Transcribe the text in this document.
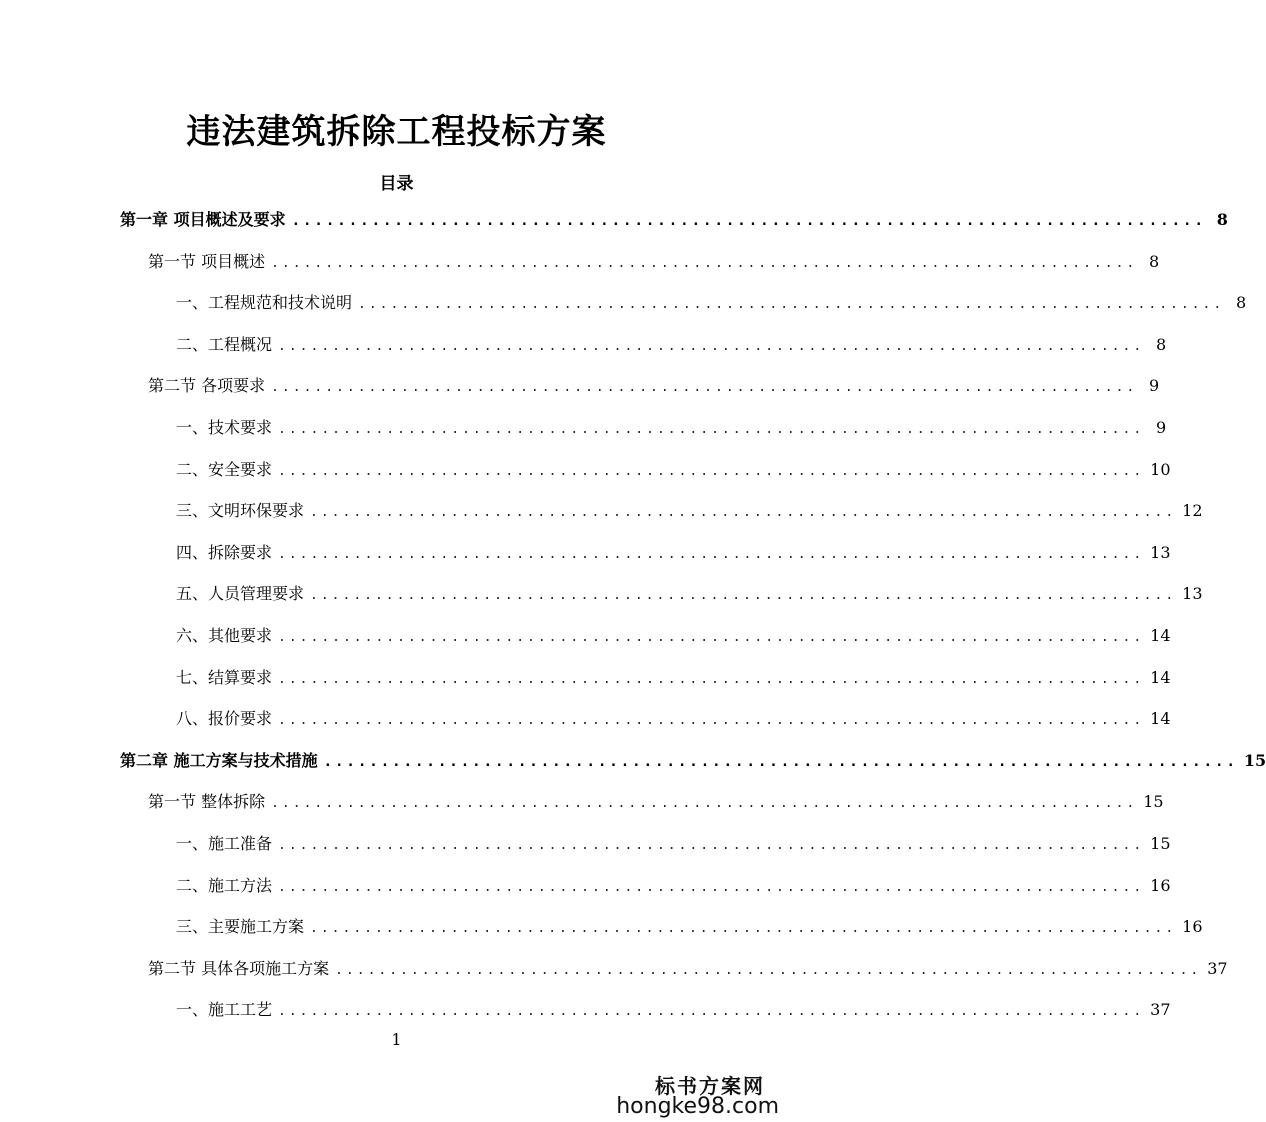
违法建筑拆除工程投标方案
目录
第一章 项目概述及要求 ................................................................................ 8
第一节 项目概述 ................................................................................ 8
一、工程规范和技术说明 ................................................................................ 8
二、工程概况 ................................................................................ 8
第二节 各项要求 ................................................................................ 9
一、技术要求 ................................................................................ 9
二、安全要求 ................................................................................ 10
三、文明环保要求 ................................................................................ 12
四、拆除要求 ................................................................................ 13
五、人员管理要求 ................................................................................ 13
六、其他要求 ................................................................................ 14
七、结算要求 ................................................................................ 14
八、报价要求 ................................................................................ 14
第二章 施工方案与技术措施 ................................................................................ 15
第一节 整体拆除 ................................................................................ 15
一、施工准备 ................................................................................ 15
二、施工方法 ................................................................................ 16
三、主要施工方案 ................................................................................ 16
第二节 具体各项施工方案 ................................................................................ 37
一、施工工艺 ................................................................................ 37
1
标书方案网
hongke98.com
